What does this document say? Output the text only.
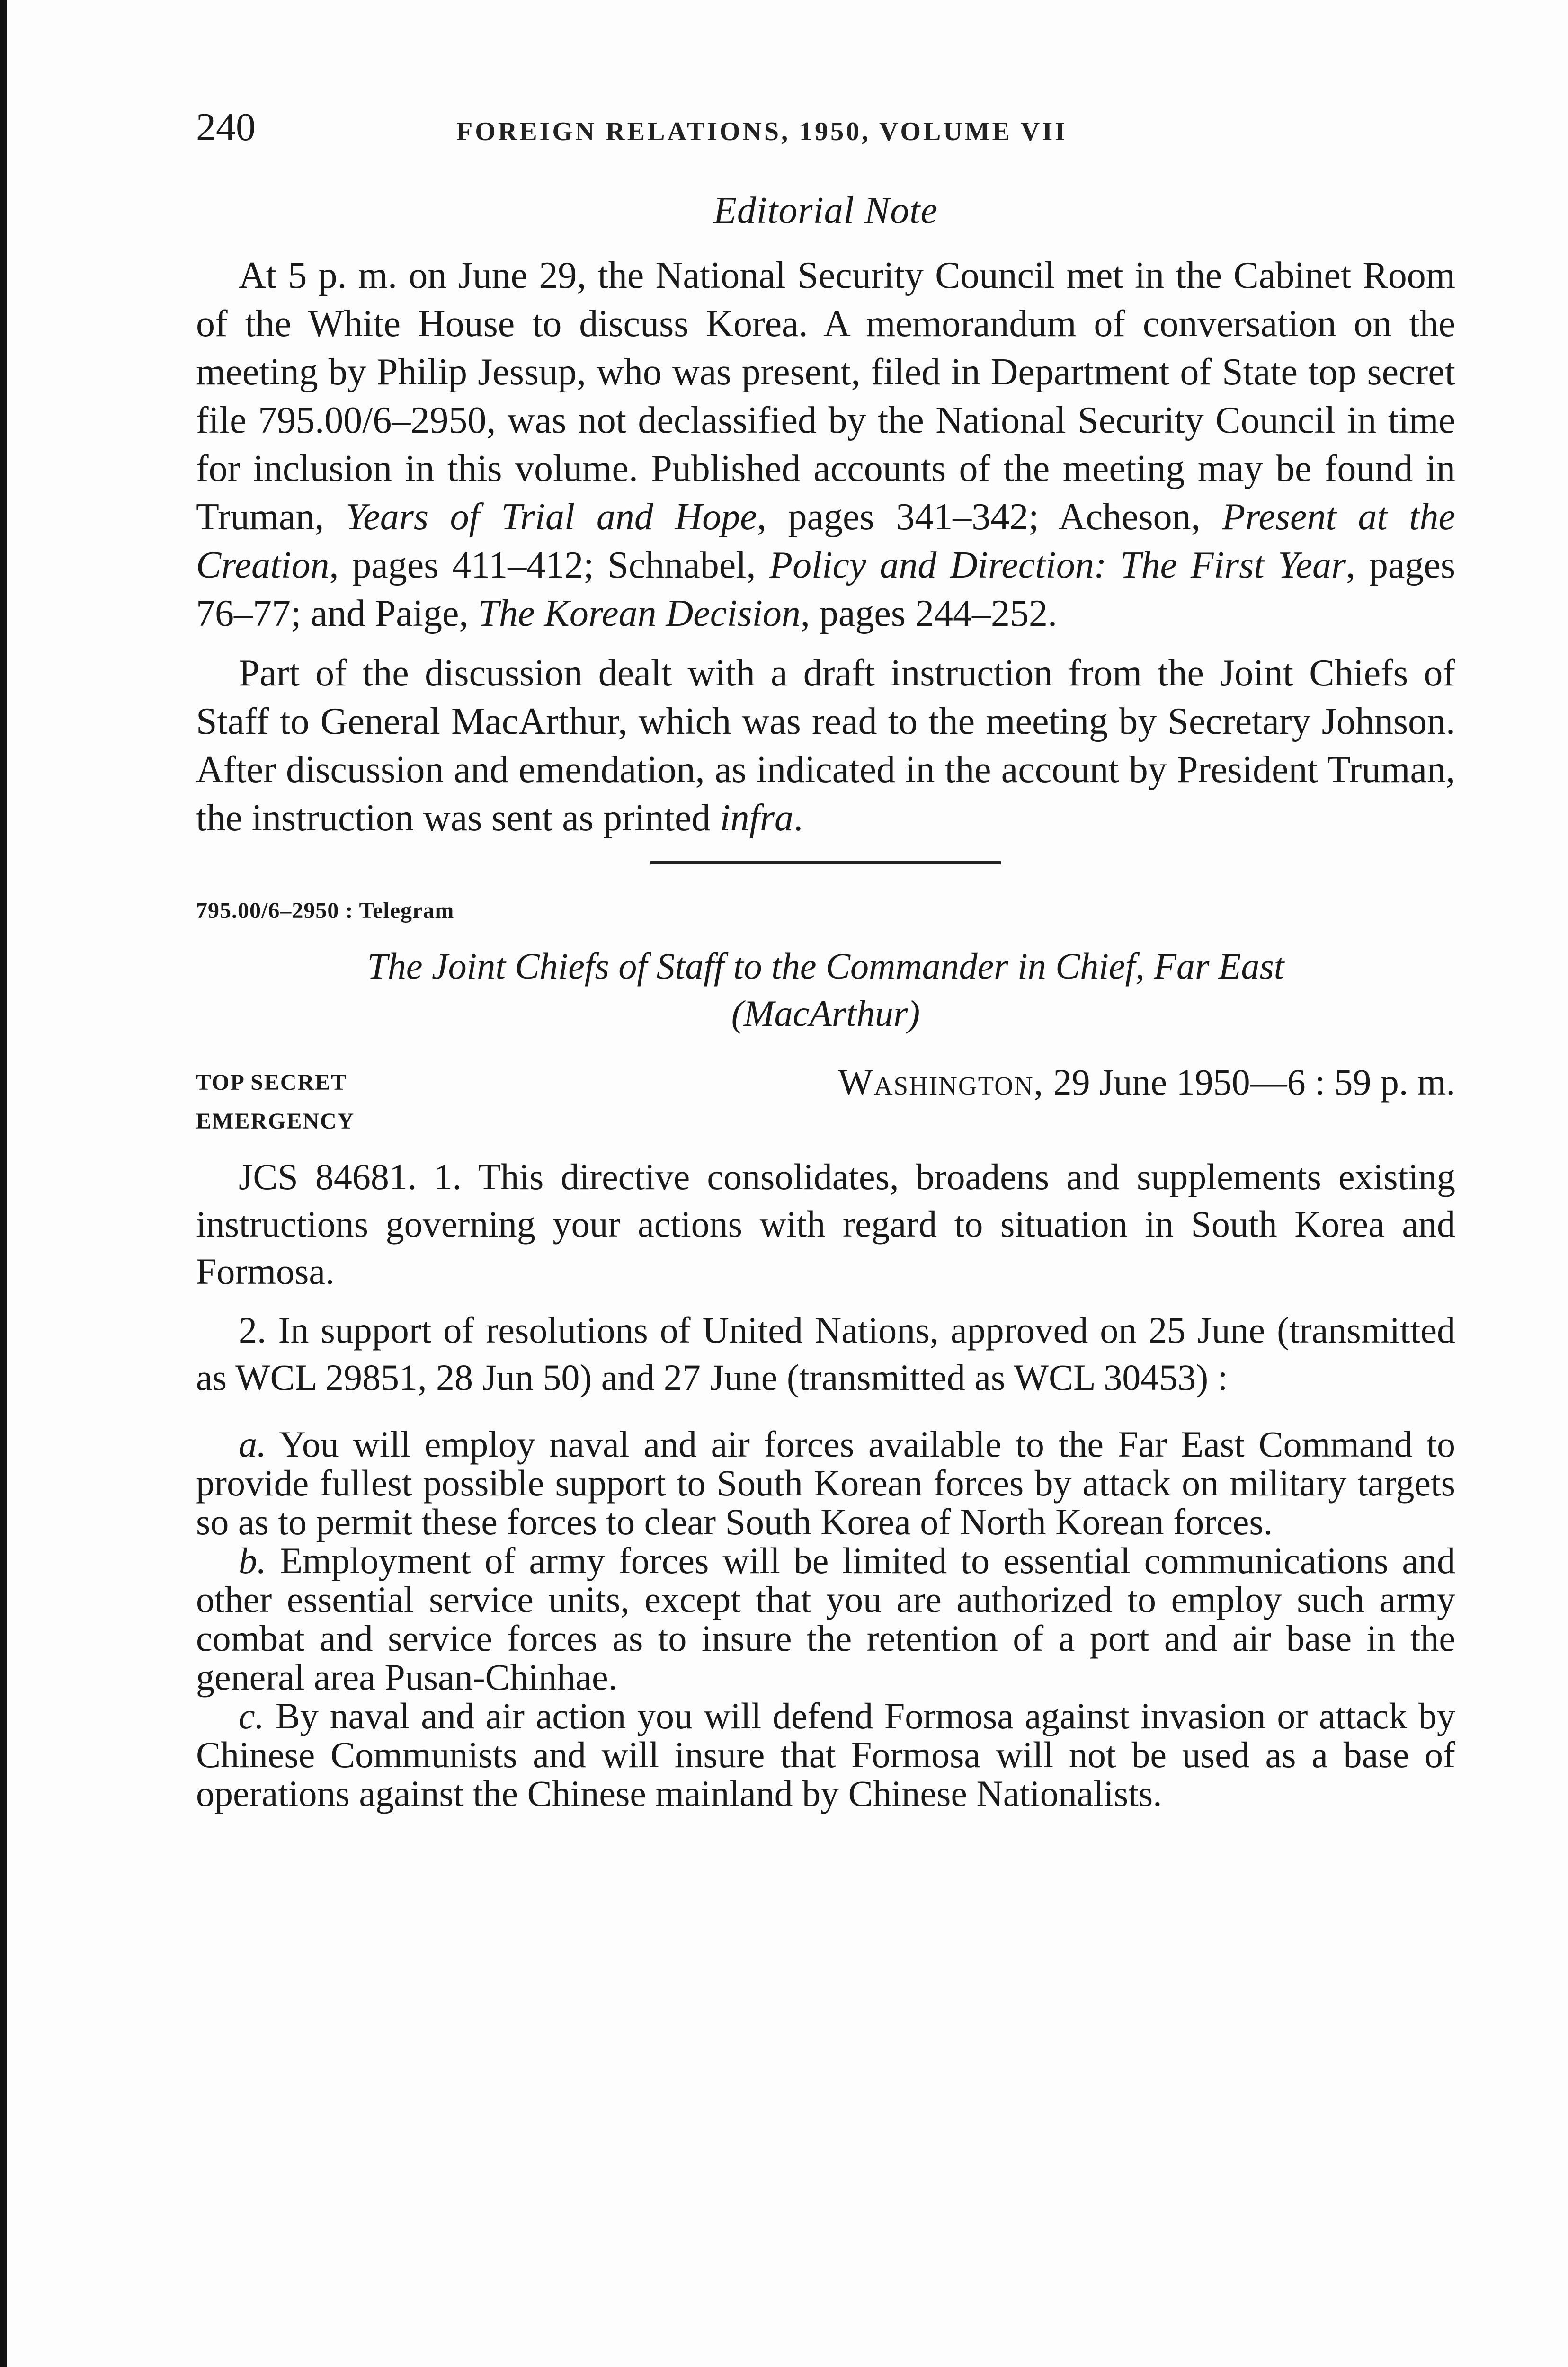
240	FOREIGN RELATIONS, 1950, VOLUME VII
Editorial Note

At 5 p. m. on June 29, the National Security Council met in the Cabinet Room of the White House to discuss Korea. A memorandum of conversation on the meeting by Philip Jessup, who was present, filed in Department of State top secret file 795.00/6–2950, was not declassified by the National Security Council in time for inclusion in this volume. Published accounts of the meeting may be found in Truman, Years of Trial and Hope, pages 341–342; Acheson, Present at the Creation, pages 411–412; Schnabel, Policy and Direction: The First Year, pages 76–77; and Paige, The Korean Decision, pages 244–252.

Part of the discussion dealt with a draft instruction from the Joint Chiefs of Staff to General MacArthur, which was read to the meeting by Secretary Johnson. After discussion and emendation, as indicated in the account by President Truman, the instruction was sent as printed infra.

795.00/6–2950 : Telegram
The Joint Chiefs of Staff to the Commander in Chief, Far East
(MacArthur)
TOP SECRET	Washington, 29 June 1950—6 : 59 p. m.
EMERGENCY

JCS 84681. 1. This directive consolidates, broadens and supplements existing instructions governing your actions with regard to situation in South Korea and Formosa.

2. In support of resolutions of United Nations, approved on 25 June (transmitted as WCL 29851, 28 Jun 50) and 27 June (transmitted as WCL 30453) :

a. You will employ naval and air forces available to the Far East Command to provide fullest possible support to South Korean forces by attack on military targets so as to permit these forces to clear South Korea of North Korean forces.

b. Employment of army forces will be limited to essential communications and other essential service units, except that you are authorized to employ such army combat and service forces as to insure the retention of a port and air base in the general area Pusan-Chinhae.

c. By naval and air action you will defend Formosa against invasion or attack by Chinese Communists and will insure that Formosa will not be used as a base of operations against the Chinese mainland by Chinese Nationalists.
